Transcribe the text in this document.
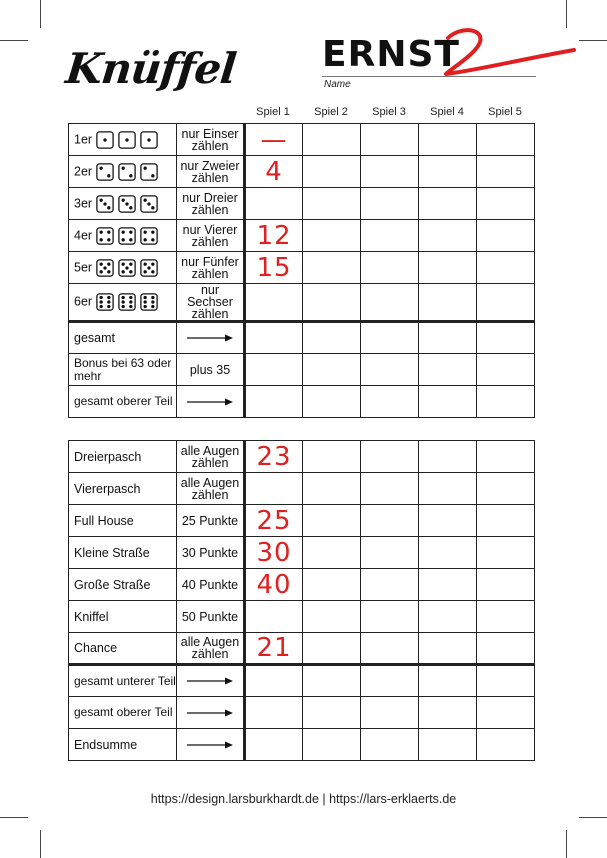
Knüffel ERNST
Name
Spiel 1	Spiel 2	Spiel 3	Spiel 4	Spiel 5
1er	nur Einser zählen	—				
2er	nur Zweier zählen	4				
3er	nur Dreier zählen					
4er	nur Vierer zählen	12				
5er	nur Fünfer zählen	15				
6er	nur Sechser zählen					
gesamt	

Bonus bei 63 oder mehr	plus 35					
gesamt oberer Teil	

Dreierpasch	alle Augen zählen	23				
Viererpasch	alle Augen zählen					
Full House	25 Punkte	25				
Kleine Straße	30 Punkte	30				
Große Straße	40 Punkte	40				
Kniffel	50 Punkte					
Chance	alle Augen zählen	21				
gesamt unterer Teil	

gesamt oberer Teil	

Endsumme	

https://design.larsburkhardt.de | https://lars-erklaerts.de
